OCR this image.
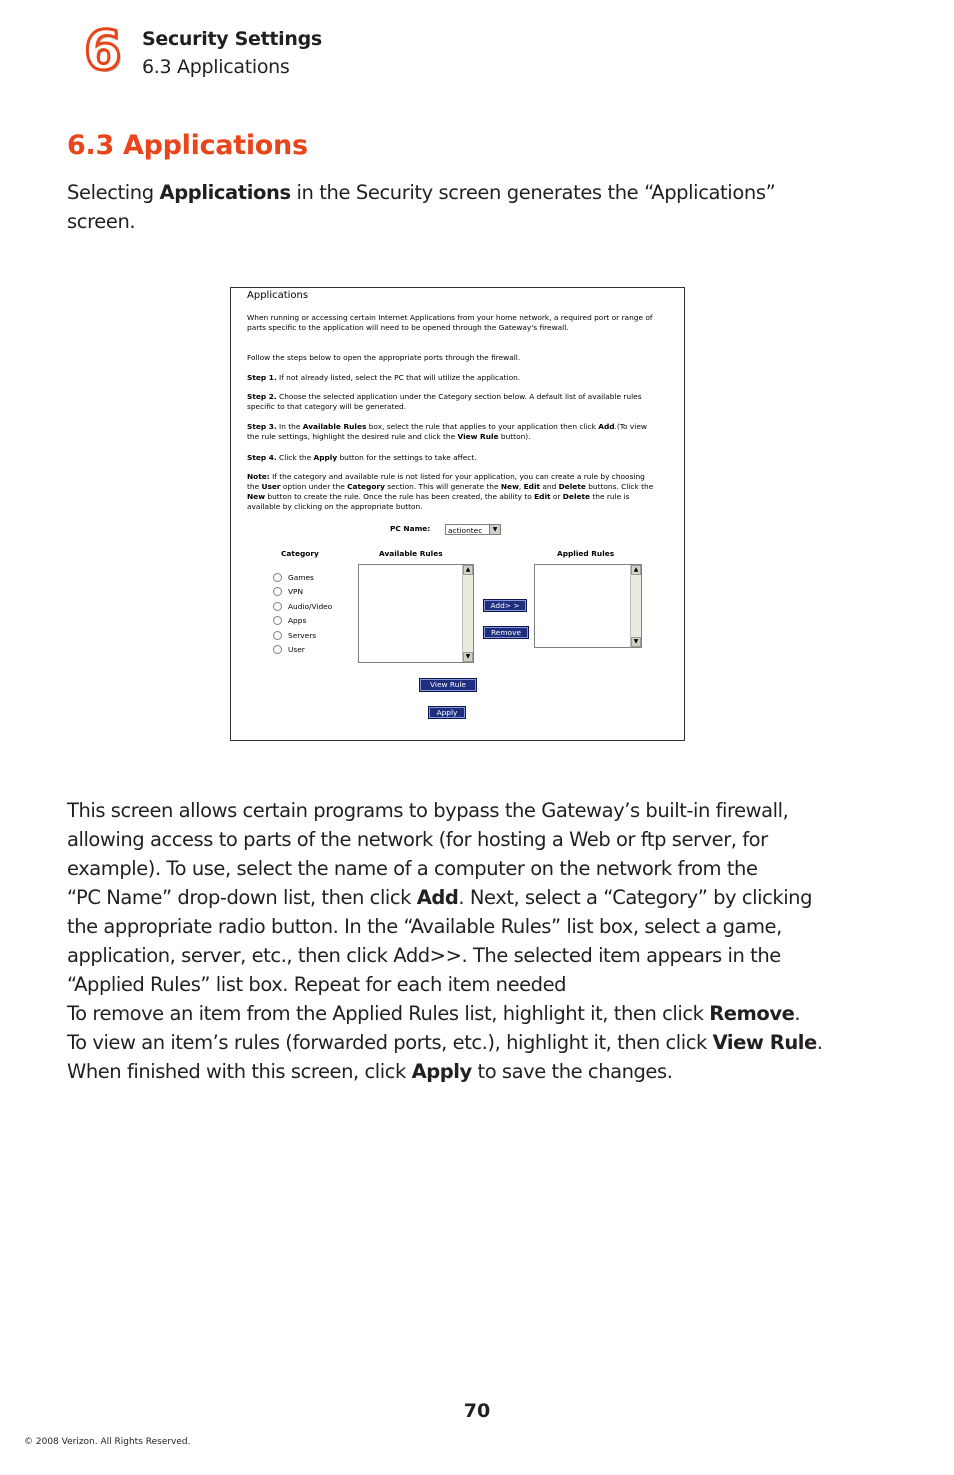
6 Security Settings
6.3 Applications
6.3 Applications
Selecting Applications in the Security screen generates the “Applications” screen.
Applications
When running or accessing certain Internet Applications from your home network, a required port or range of parts specific to the application will need to be opened through the Gateway's firewall.
Follow the steps below to open the appropriate ports through the firewall.
Step 1. If not already listed, select the PC that will utilize the application.
Step 2. Choose the selected application under the Category section below. A default list of available rules specific to that category will be generated.
Step 3. In the Available Rules box, select the rule that applies to your application then click Add.(To view the rule settings, highlight the desired rule and click the View Rule button).
Step 4. Click the Apply button for the settings to take affect.
Note: If the category and available rule is not listed for your application, you can create a rule by choosing the User option under the Category section. This will generate the New, Edit and Delete buttons. Click the New button to create the rule. Once the rule has been created, the ability to Edit or Delete the rule is available by clicking on the appropriate button.
PC Name:	actiontec	▼
Category	Available Rules	Applied Rules
Games
VPN
Audio/Video
Apps
Servers
User
▲
▼
▲
▼
Add> >
Remove
View Rule
Apply
This screen allows certain programs to bypass the Gateway’s built-in firewall,
allowing access to parts of the network (for hosting a Web or ftp server, for
example). To use, select the name of a computer on the network from the
“PC Name” drop-down list, then click Add. Next, select a “Category” by clicking
the appropriate radio button. In the “Available Rules” list box, select a game,
application, server, etc., then click Add>>. The selected item appears in the
“Applied Rules” list box. Repeat for each item needed
To remove an item from the Applied Rules list, highlight it, then click Remove.
To view an item’s rules (forwarded ports, etc.), highlight it, then click View Rule.
When finished with this screen, click Apply to save the changes.
70
© 2008 Verizon. All Rights Reserved.
